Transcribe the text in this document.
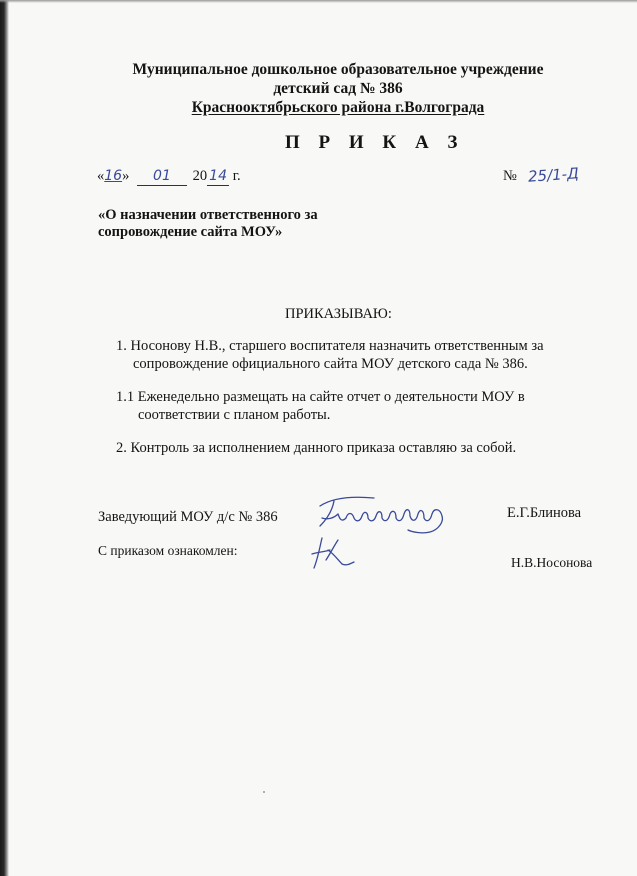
Муниципальное дошкольное образовательное учреждение
детский сад № 386
Краснооктябрьского района г.Волгограда
П Р И К А З
«16» 01 20 14 г.	№ 25/1-Д
«О назначении ответственного за
сопровождение сайта МОУ»
ПРИКАЗЫВАЮ:
1. Носонову Н.В., старшего воспитателя назначить ответственным за
сопровождение официального сайта МОУ детского сада № 386.
1.1 Еженедельно размещать на сайте отчет о деятельности МОУ в
соответствии с планом работы.
2. Контроль за исполнением данного приказа оставляю за собой.
Заведующий МОУ д/с № 386	Е.Г.Блинова
С приказом ознакомлен:
Н.В.Носонова
